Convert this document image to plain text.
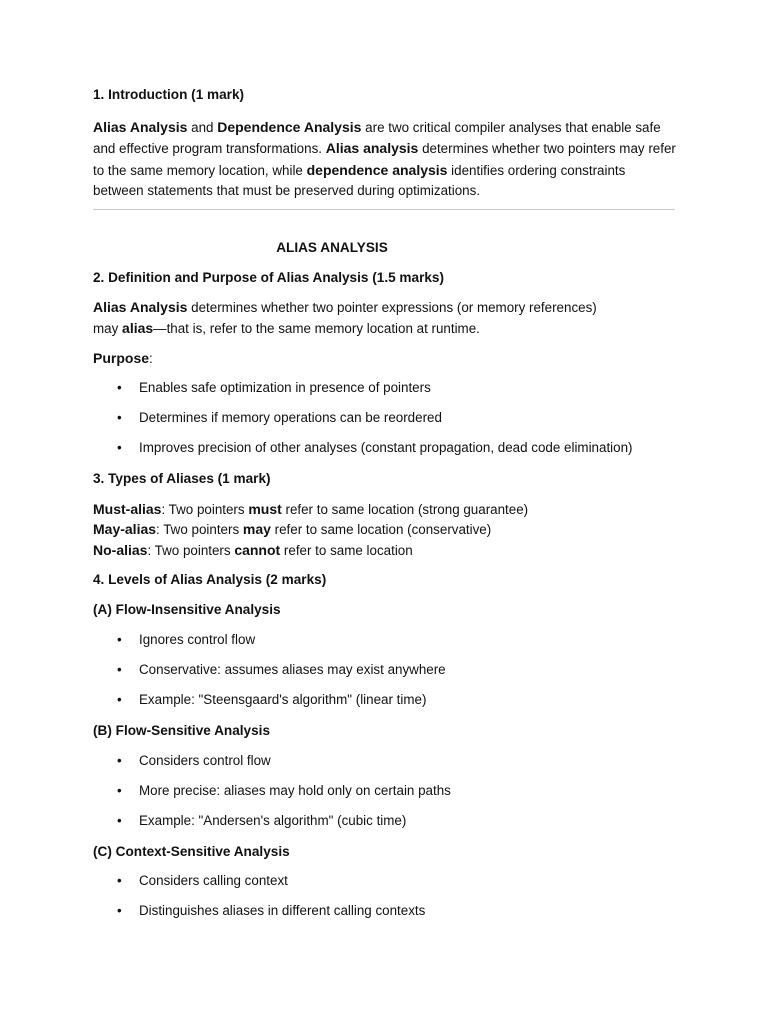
1. Introduction (1 mark)
Alias Analysis and Dependence Analysis are two critical compiler analyses that enable safe and effective program transformations. Alias analysis determines whether two pointers may refer to the same memory location, while dependence analysis identifies ordering constraints between statements that must be preserved during optimizations.
ALIAS ANALYSIS
2. Definition and Purpose of Alias Analysis (1.5 marks)
Alias Analysis determines whether two pointer expressions (or memory references)
may alias—that is, refer to the same memory location at runtime.
Purpose:
• Enables safe optimization in presence of pointers
• Determines if memory operations can be reordered
• Improves precision of other analyses (constant propagation, dead code elimination)
3. Types of Aliases (1 mark)
Must-alias: Two pointers must refer to same location (strong guarantee)
May-alias: Two pointers may refer to same location (conservative)
No-alias: Two pointers cannot refer to same location
4. Levels of Alias Analysis (2 marks)
(A) Flow-Insensitive Analysis
• Ignores control flow
• Conservative: assumes aliases may exist anywhere
• Example: "Steensgaard's algorithm" (linear time)
(B) Flow-Sensitive Analysis
• Considers control flow
• More precise: aliases may hold only on certain paths
• Example: "Andersen's algorithm" (cubic time)
(C) Context-Sensitive Analysis
• Considers calling context
• Distinguishes aliases in different calling contexts
